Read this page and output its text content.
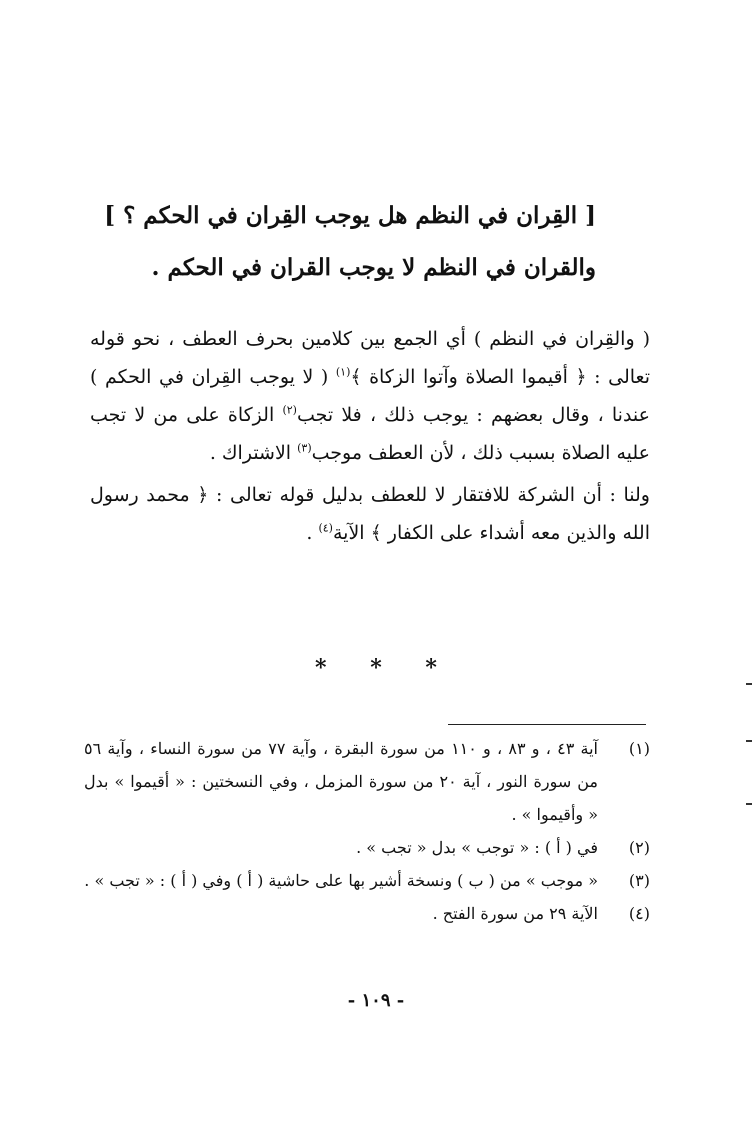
[ القِران في النظم هل يوجب القِران في الحكم ؟ ]
والقران في النظم لا يوجب القران في الحكم .

( والقِران في النظم ) أي الجمع بين كلامين بحرف العطف ، نحو قوله تعالى : ﴿ أقيموا الصلاة وآتوا الزكاة ﴾$^{(١)}$ ( لا يوجب القِران في الحكم ) عندنا ، وقال بعضهم : يوجب ذلك ، فلا تجب$^{(٢)}$ الزكاة على من لا تجب عليه الصلاة بسبب ذلك ، لأن العطف موجب$^{(٣)}$ الاشتراك .

ولنا : أن الشركة للافتقار لا للعطف بدليل قوله تعالى : ﴿ محمد رسول الله والذين معه أشداء على الكفار ﴾ الآية$^{(٤)}$ .

* * *
(١)
آية ٤٣ ، و ٨٣ ، و ١١٠ من سورة البقرة ، وآية ٧٧ من سورة النساء ، وآية ٥٦ من سورة النور ، آية ٢٠ من سورة المزمل ، وفي النسختين : « أقيموا » بدل « وأقيموا » .
(٢)
في ( أ ) : « توجب » بدل « تجب » .
(٣)
« موجب » من ( ب ) ونسخة أشير بها على حاشية ( أ ) وفي ( أ ) : « تجب » .
(٤)
الآية ٢٩ من سورة الفتح .
- ١٠٩ -
